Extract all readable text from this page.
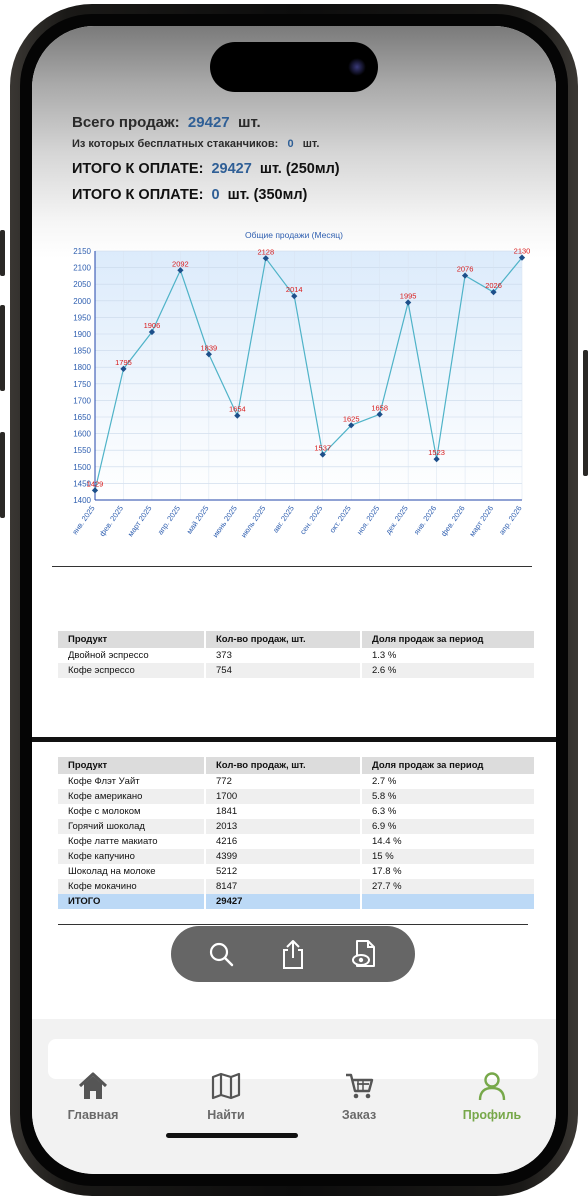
Всего продаж: 29427 шт.
Из которых бесплатных стаканчиков: 0 шт.
ИТОГО К ОПЛАТЕ: 29427 шт. (250мл)
ИТОГО К ОПЛАТЕ: 0 шт. (350мл)
Общие продажи (Месяц)
1400
1450
1500
1550
1600
1650
1700
1750
1800
1850
1900
1950
2000
2050
2100
2150
янв. 2025 фев. 2025 март 2025 апр. 2025 май 2025 июнь 2025 июль 2025 авг. 2025 сен. 2025 окт. 2025 ноя. 2025 дек. 2025 янв. 2026 фев. 2026 март 2026 апр. 2026
1429
1795
1906
2092
1839
1654
2128
2014
1537
1625
1658
1995
1523
2076
2026
2130
Продукт	Кол-во продаж, шт.	Доля продаж за период
Двойной эспрессо	373	1.3 %
Кофе эспрессо	754	2.6 %
Продукт	Кол-во продаж, шт.	Доля продаж за период
Кофе Флэт Уайт	772	2.7 %
Кофе американо	1700	5.8 %
Кофе с молоком	1841	6.3 %
Горячий шоколад	2013	6.9 %
Кофе латте макиато	4216	14.4 %
Кофе капучино	4399	15 %
Шоколад на молоке	5212	17.8 %
Кофе мокачино	8147	27.7 %
ИТОГО	29427	
Главная	Найти	Заказ	Профиль
